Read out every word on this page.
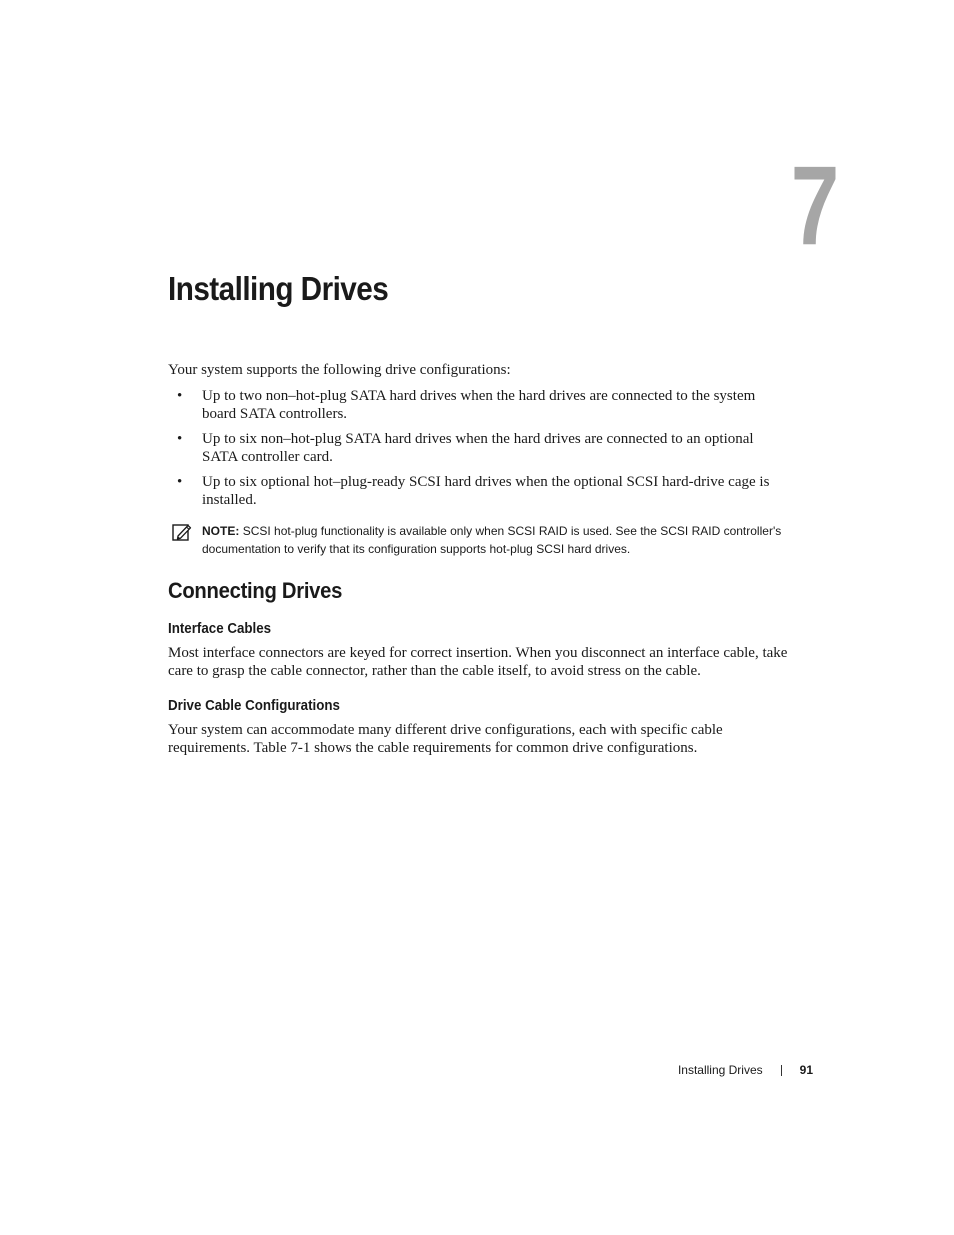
7
Installing Drives

Your system supports the following drive configurations:

• Up to two non–hot-plug SATA hard drives when the hard drives are connected to the system board SATA controllers.
• Up to six non–hot-plug SATA hard drives when the hard drives are connected to an optional SATA controller card.
• Up to six optional hot–plug-ready SCSI hard drives when the optional SCSI hard-drive cage is installed.
NOTE: SCSI hot-plug functionality is available only when SCSI RAID is used. See the SCSI RAID controller's documentation to verify that its configuration supports hot-plug SCSI hard drives.
Connecting Drives
Interface Cables

Most interface connectors are keyed for correct insertion. When you disconnect an interface cable, take care to grasp the cable connector, rather than the cable itself, to avoid stress on the cable.

Drive Cable Configurations

Your system can accommodate many different drive configurations, each with specific cable requirements. Table 7-1 shows the cable requirements for common drive configurations.

Installing Drives	91
